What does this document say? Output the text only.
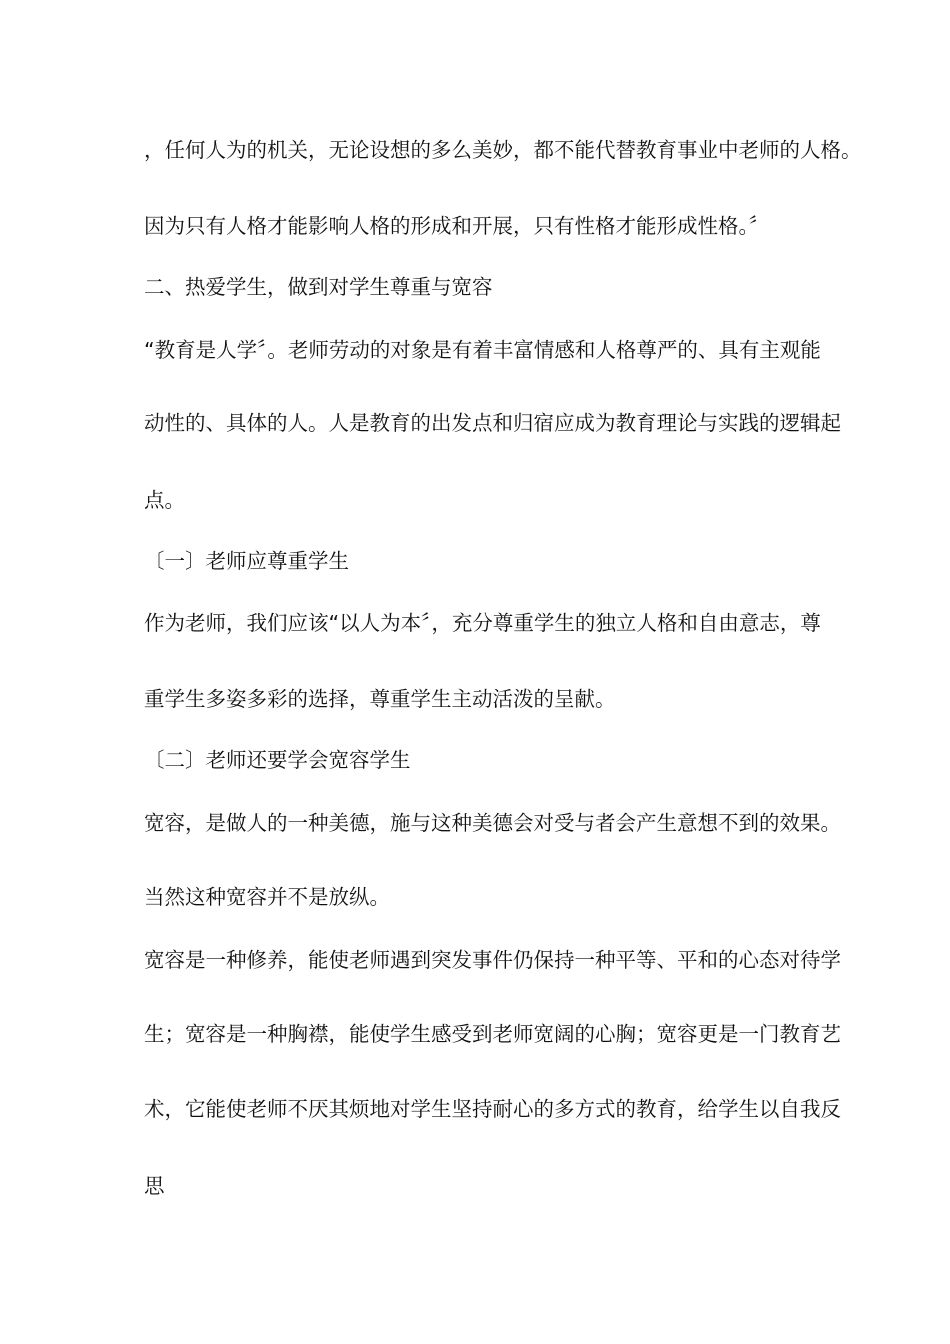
，任何人为的机关，无论设想的多么美妙，都不能代替教育事业中老师的人格。
因为只有人格才能影响人格的形成和开展，只有性格才能形成性格。〞
二、热爱学生，做到对学生尊重与宽容
“教育是人学〞。老师劳动的对象是有着丰富情感和人格尊严的、具有主观能
动性的、具体的人。人是教育的出发点和归宿应成为教育理论与实践的逻辑起
点。
〔一〕老师应尊重学生
作为老师，我们应该“以人为本〞，充分尊重学生的独立人格和自由意志，尊
重学生多姿多彩的选择，尊重学生主动活泼的呈献。
〔二〕老师还要学会宽容学生
宽容，是做人的一种美德，施与这种美德会对受与者会产生意想不到的效果。
当然这种宽容并不是放纵。
宽容是一种修养，能使老师遇到突发事件仍保持一种平等、平和的心态对待学
生；宽容是一种胸襟，能使学生感受到老师宽阔的心胸；宽容更是一门教育艺
术，它能使老师不厌其烦地对学生坚持耐心的多方式的教育，给学生以自我反
思
